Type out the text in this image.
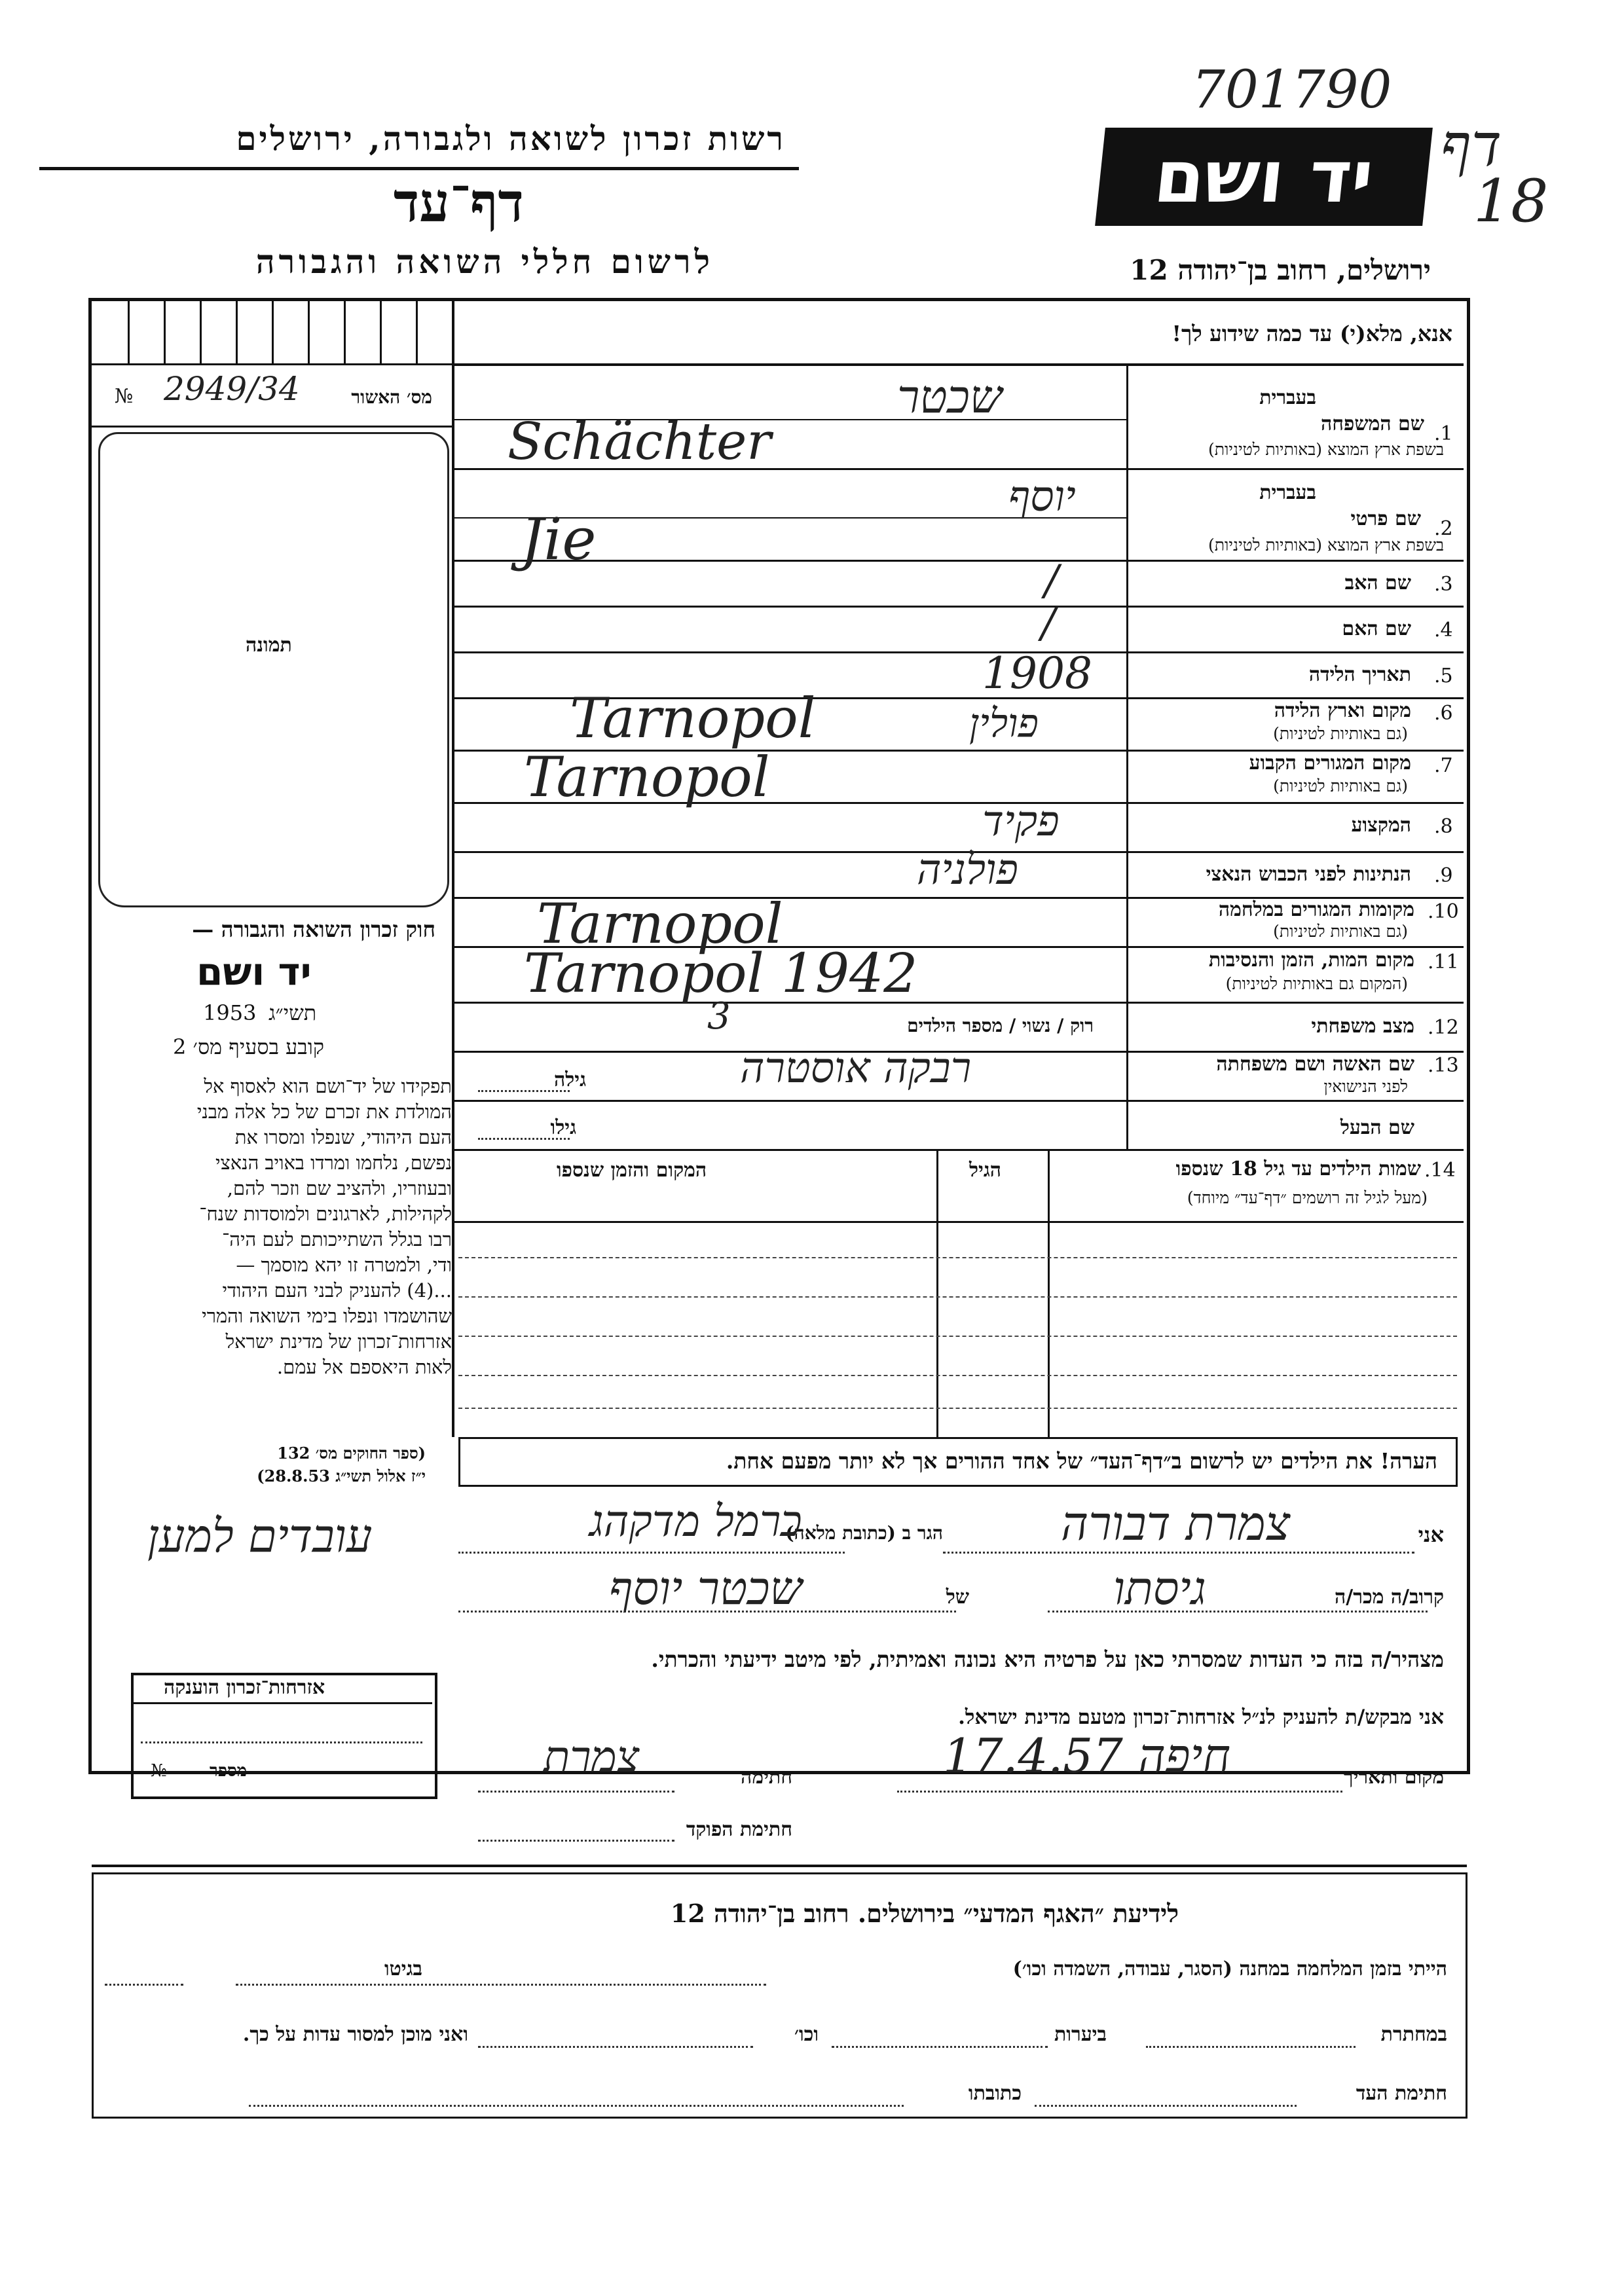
701790
דף
18
רשות זכרון לשואה ולגבורה, ירושלים
דף־עד
לרשום חללי השואה והגבורה
יד ושם
ירושלים, רחוב בן־יהודה 12
מס׳ האשור
2949/34
№
תמונה
חוק זכרון השואה והגבורה —
יד ושם
תשי״ג
1953
קובע בסעיף מס׳ 2
תפקידו של יד־ושם הוא לאסוף אל
המולדת את זכרם של כל אלה מבני
העם היהודי, שנפלו ומסרו את
נפשם, נלחמו ומרדו באויב הנאצי
ובעוזריו, ולהציב שם וזכר להם,
לקהילות, לארגונים ולמוסדות שנח־
רבו בגלל השתייכותם לעם היה־
ודי, ולמטרה זו יהא מוסמך —
...(4) להעניק לבני העם היהודי
שהושמדו ונפלו בימי השואה והמרי
אזרחות־זכרון של מדינת ישראל
לאות היאספם אל עמם.
(ספר החוקים מס׳ 132
י״ז אלול תשי״ג 28.8.53)
אנא, מלא(י) עד כמה שידוע לך!
1.
שם המשפחה
בעברית
בשפת ארץ המוצא (באותיות לטיניות)
שכטר
Schächter
2.
שם פרטי
בעברית
בשפת ארץ המוצא (באותיות לטיניות)
יוסף
Jie
3.
שם האב
/
4.
שם האם
/
5.
תאריך הלידה
1908
6.
מקום וארץ הלידה
(גם באותיות לטיניות)
Tarnopol	פולין
7.
מקום המגורים הקבוע
(גם באותיות לטיניות)
Tarnopol
8.
המקצוע
פקיד
9.
הנתינות לפני הכבוש הנאצי
פולניה
10.
מקומות המגורים במלחמה
(גם באותיות לטיניות)
Tarnopol
11.
מקום המות, הזמן והנסיבות
(המקום גם באותיות לטיניות)
Tarnopol 1942
12.
מצב משפחתי
רוק / נשוי / מספר הילדים
3
13.
שם האשה ושם משפחתה
לפני הנישואין
רבקה אוסטרה
גילה
שם הבעל
גילו
14.
שמות הילדים עד גיל 18 שנספו
(מעל לגיל זה רושמים ״דף־עד״ מיוחד)
הגיל
המקום והזמן שנספו
הערה! את הילדים יש לרשום ב״דף־העד״ של אחד ההורים אך לא יותר מפעם אחת.
אני
צמרת דבורה
הגר ב (כתובת מלאה)
כרמל מדקהג
עובדים למען
קרוב/ה מכר/ה
גיסתו
של
שכטר יוסף
מצהיר/ה בזה כי העדות שמסרתי כאן על פרטיה היא נכונה ואמיתית, לפי מיטב ידיעתי והכרתי.
אני מבקש/ת להעניק לנ״ל אזרחות־זכרון מטעם מדינת ישראל.
מקום ותאריך
חיפה 17.4.57
חתימה
צמרת
חתימת הפוקד
אזרחות־זכרון הוענקה
מספר
№
לידיעת ״האגף המדעי״ בירושלים. רחוב בן־יהודה 12
הייתי בזמן המלחמה במחנה (הסגר, עבודה, השמדה וכו׳)
בגיטו
במחתרת
ביערות
וכו׳
ואני מוכן למסור עדות על כך.
חתימת העד
כתובתו
